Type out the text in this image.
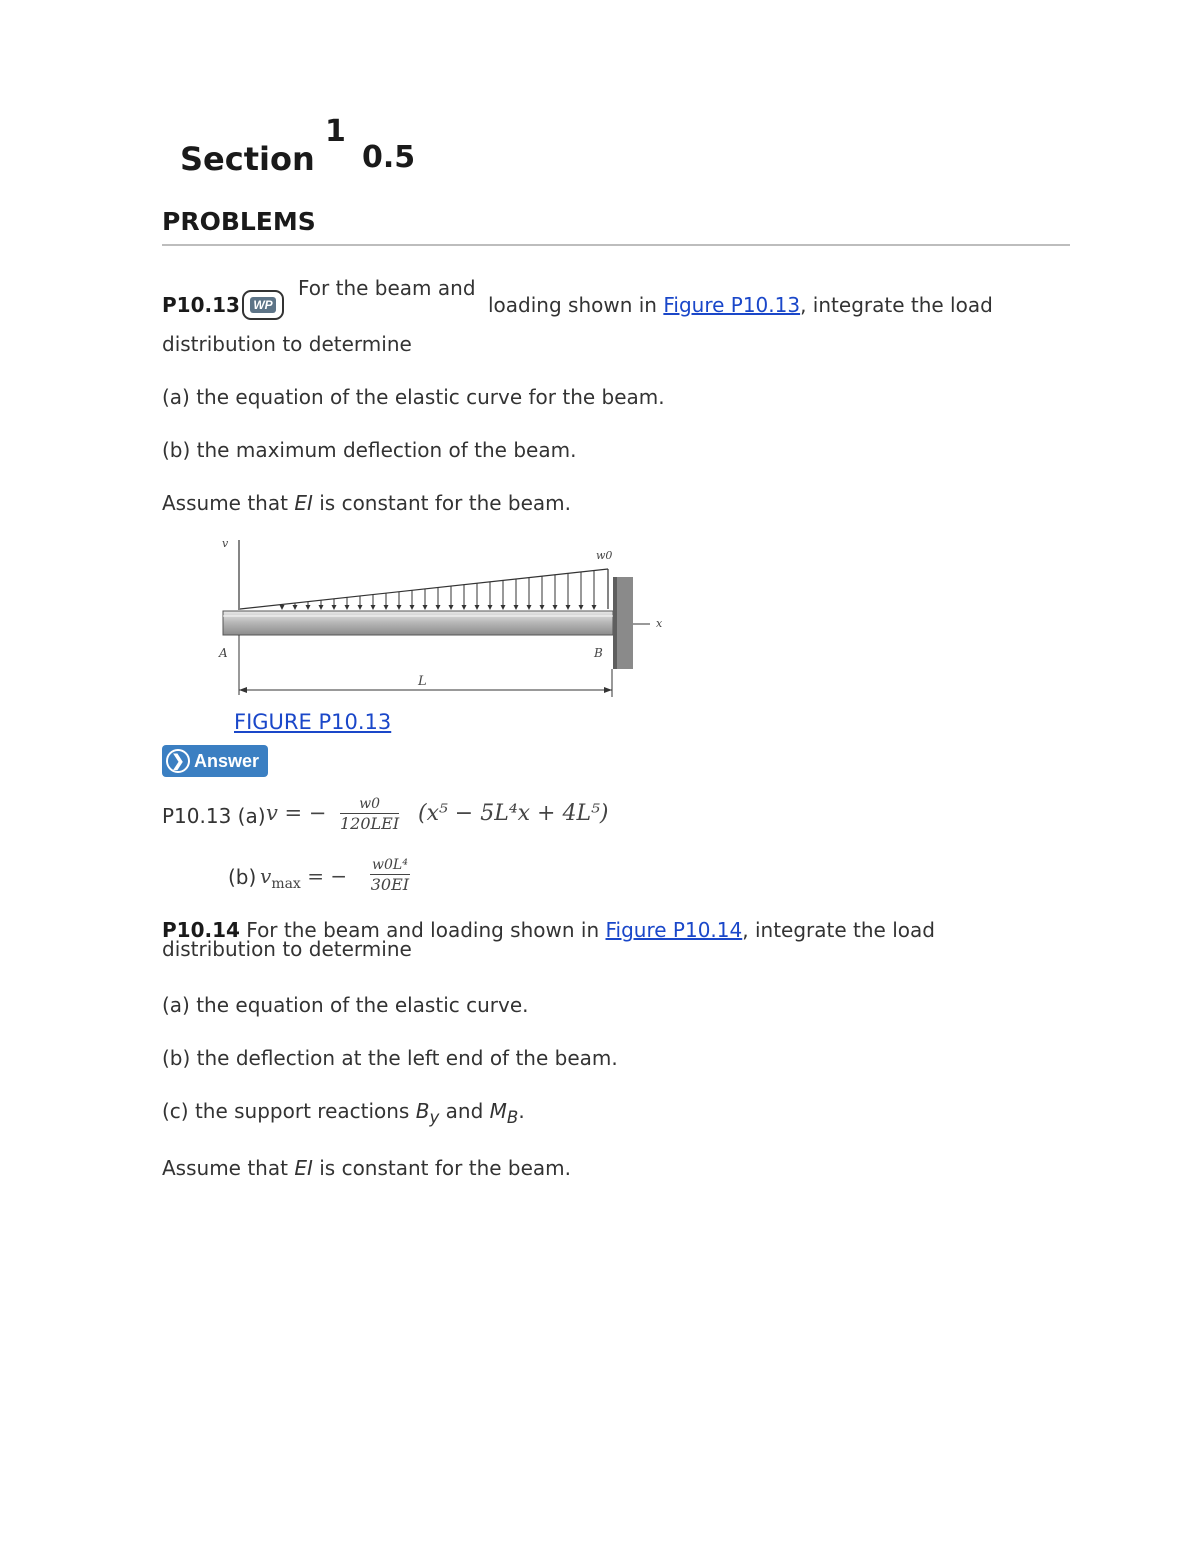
Section
1
0.5
PROBLEMS
P10.13 WP
For the beam and
loading shown in Figure P10.13, integrate the load
distribution to determine
(a) the equation of the elastic curve for the beam.
(b) the maximum deflection of the beam.
Assume that EI is constant for the beam.
v
w0
x
A	B
L
FIGURE P10.13
❯ Answer
P10.13 (a) v = −	w0
120LEI (x⁵ − 5L⁴x + 4L⁵)
(b) $v_{max}$ = − $\frac{\text{w0L⁴}}{30EI}$
P10.14 For the beam and loading shown in Figure P10.14, integrate the load
distribution to determine
(a) the equation of the elastic curve.
(b) the deflection at the left end of the beam.
(c) the support reactions $B_y$ and $M_B$.
Assume that EI is constant for the beam.
